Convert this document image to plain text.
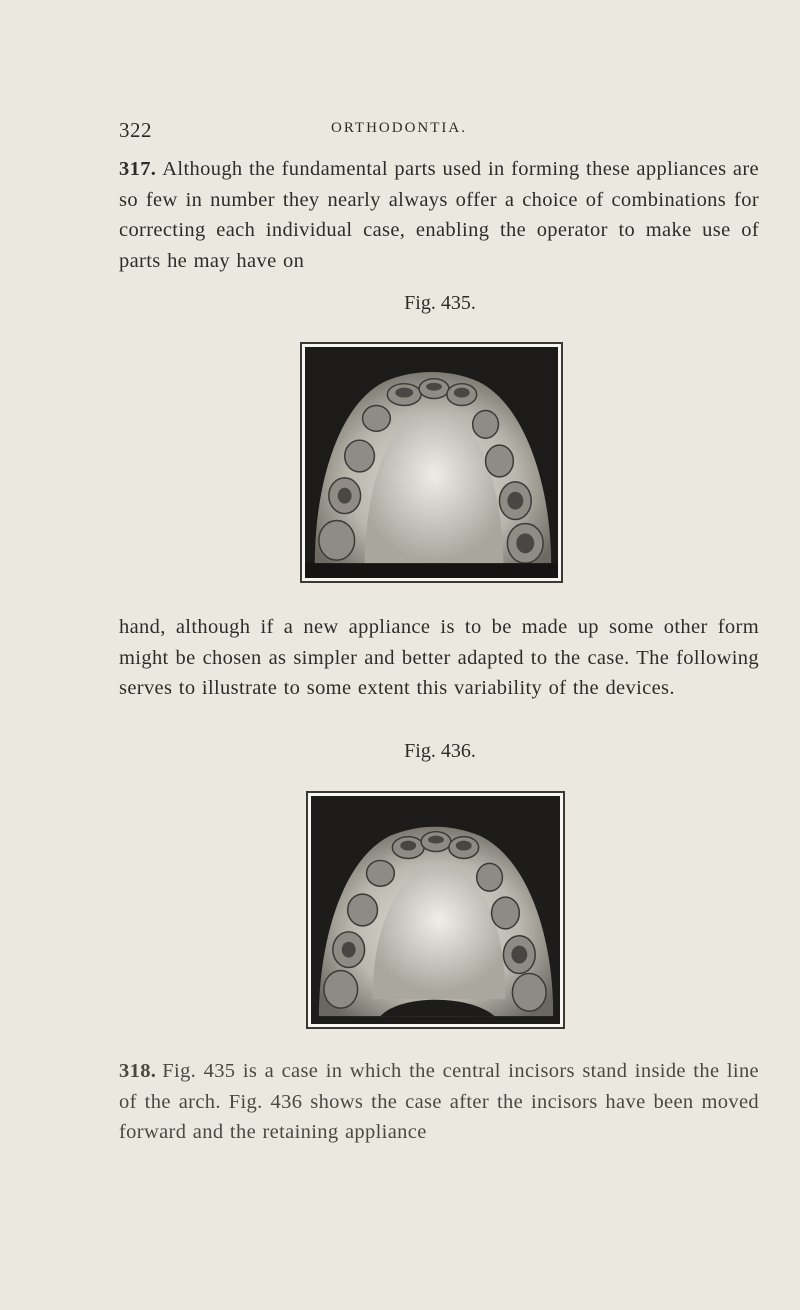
322	ORTHODONTIA.
317. Although the fundamental parts used in forming these appliances are so few in number they nearly always offer a choice of combinations for correcting each individual case, enabling the operator to make use of parts he may have on
Fig. 435.
hand, although if a new appliance is to be made up some other form might be chosen as simpler and better adapted to the case. The following serves to illustrate to some extent this variability of the devices.
Fig. 436.
318. Fig. 435 is a case in which the central incisors stand inside the line of the arch. Fig. 436 shows the case after the incisors have been moved forward and the retaining appliance
